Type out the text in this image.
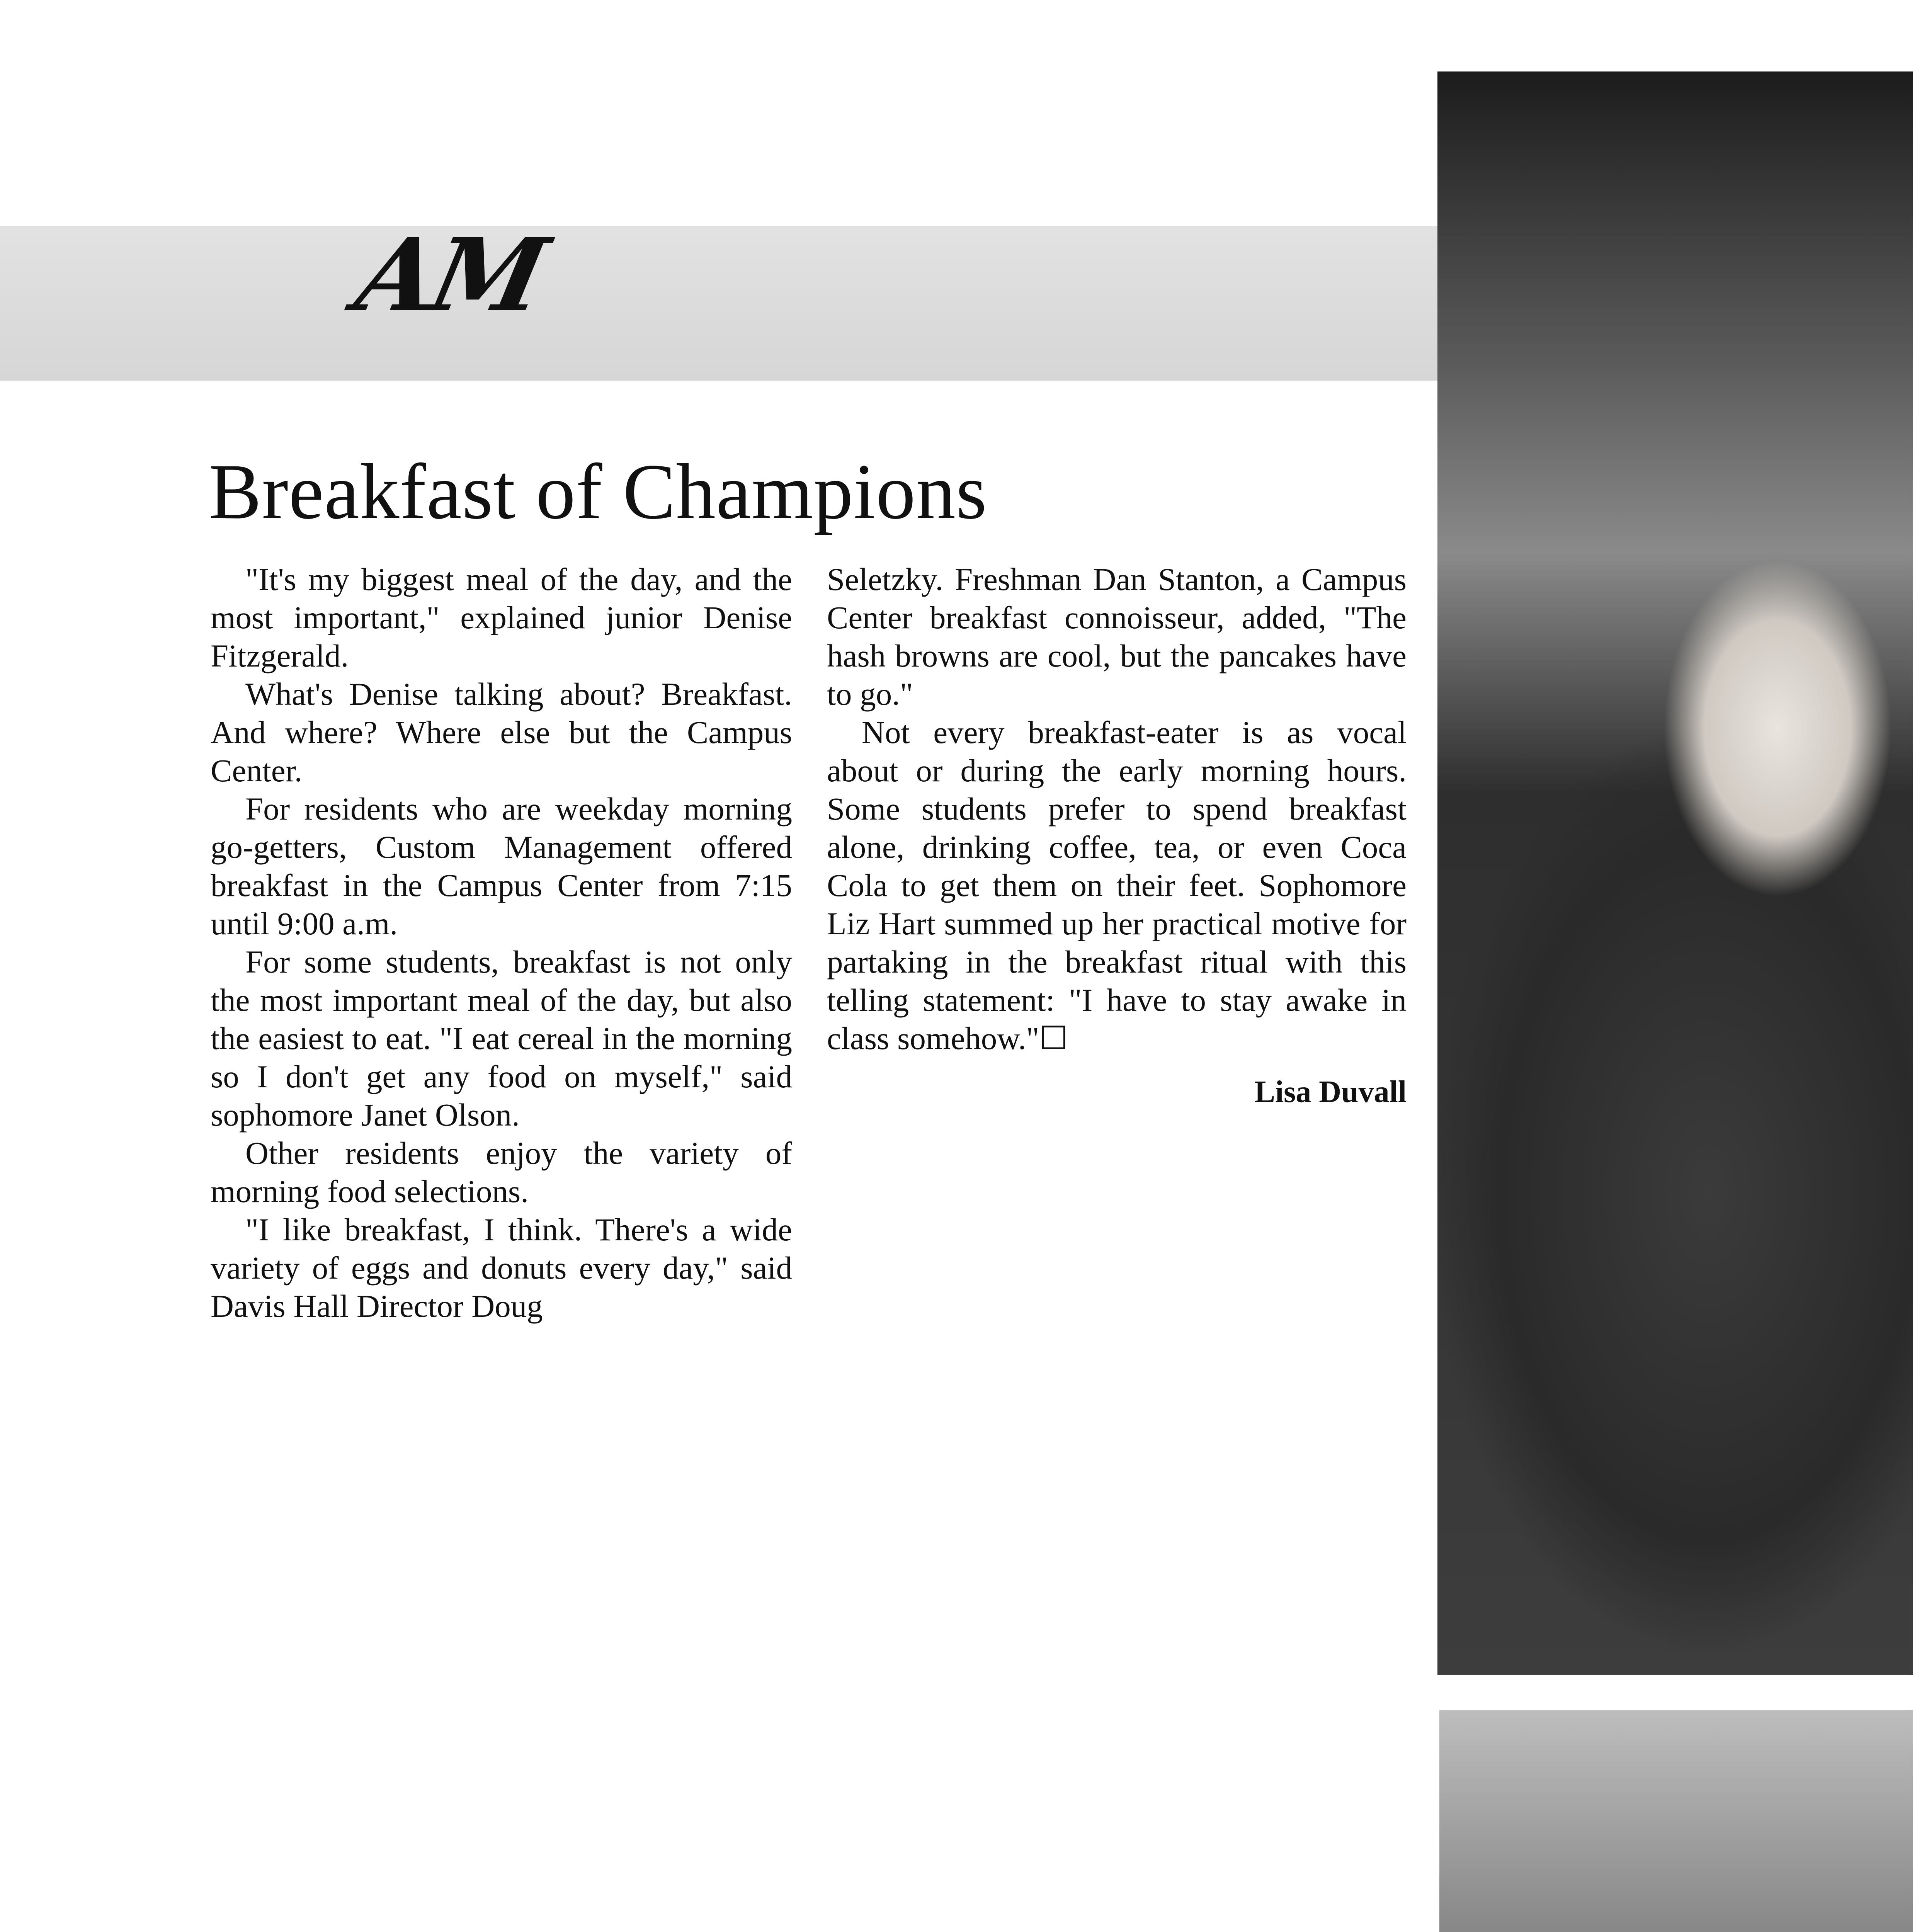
AM
Breakfast of Champions

"It's my biggest meal of the day, and the most important," explained junior Denise Fitzgerald.

What's Denise talking about? Breakfast. And where? Where else but the Campus Center.

For residents who are weekday morning go-getters, Custom Management offered breakfast in the Campus Center from 7:15 until 9:00 a.m.

For some students, breakfast is not only the most important meal of the day, but also the easiest to eat. "I eat cereal in the morning so I don't get any food on myself," said sophomore Janet Olson.

Other residents enjoy the variety of morning food selections.

"I like breakfast, I think. There's a wide variety of eggs and donuts every day," said Davis Hall Director Doug

Seletzky. Freshman Dan Stanton, a Campus Center breakfast connoisseur, added, "The hash browns are cool, but the pancakes have to go."

Not every breakfast-eater is as vocal about or during the early morning hours. Some students prefer to spend breakfast alone, drinking coffee, tea, or even Coca Cola to get them on their feet. Sophomore Liz Hart summed up her practical motive for partaking in the breakfast ritual with this telling statement: "I have to stay awake in class somehow."☐

Lisa Duvall
